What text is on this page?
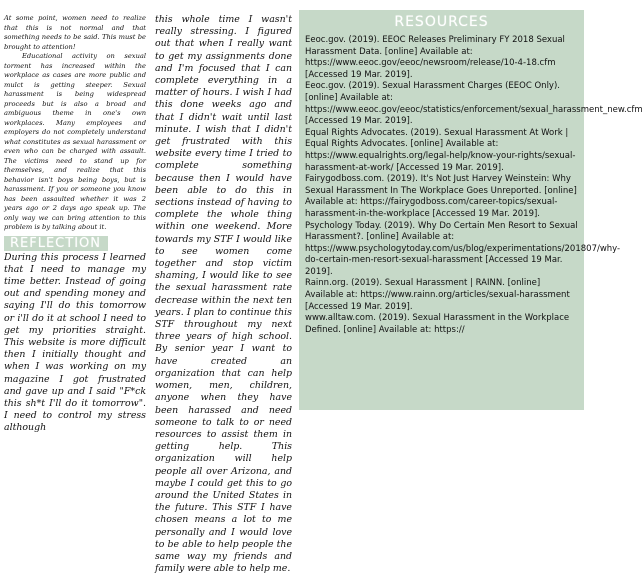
At some point, women need to realize that this is not normal and that something needs to be said. This must be brought to attention!

Educational activity on sexual torment has increased within the workplace as cases are more public and mulct is getting steeper. Sexual harassment is being widespread proceeds but is also a broad and ambiguous theme in one's own workplaces. Many employees and employers do not completely understand what constitutes as sexual harassment or even who can be charged with assault. The victims need to stand up for themselves, and realize that this behavior isn't boys being boys, but is harassment. If you or someone you know has been assaulted whether it was 2 years ago or 2 days ago speak up. The only way we can bring attention to this problem is by talking about it.

REFLECTION

During this process I learned that I need to manage my time better. Instead of going out and spending money and saying I'll do this tomorrow or i'll do it at school I need to get my priorities straight. This website is more difficult then I initially thought and when I was working on my magazine I got frustrated and gave up and I said "F*ck this sh*t I'll do it tomorrow". I need to control my stress although

this whole time I wasn't really stressing. I figured out that when I really want to get my assignments done and I'm focused that I can complete everything in a matter of hours. I wish I had this done weeks ago and that I didn't wait until last minute. I wish that I didn't get frustrated with this website every time I tried to complete something because then I would have been able to do this in sections instead of having to complete the whole thing within one weekend. More towards my STF I would like to see women come together and stop victim shaming, I would like to see the sexual harassment rate decrease within the next ten years. I plan to continue this STF throughout my next three years of high school. By senior year I want to have created an organization that can help women, men, children, anyone when they have been harassed and need someone to talk to or need resources to assist them in getting help. This organization will help people all over Arizona, and maybe I could get this to go around the United States in the future. This STF I have chosen means a lot to me personally and I would love to be able to help people the same way my friends and family were able to help me.

RESOURCES
Eeoc.gov. (2019). EEOC Releases Preliminary FY 2018 Sexual Harassment Data. [online] Available at: https://www.eeoc.gov/eeoc/newsroom/release/10-4-18.cfm [Accessed 19 Mar. 2019].
Eeoc.gov. (2019). Sexual Harassment Charges (EEOC Only). [online] Available at: https://www.eeoc.gov/eeoc/statistics/enforcement/sexual_harassment_new.cfm [Accessed 19 Mar. 2019].
Equal Rights Advocates. (2019). Sexual Harassment At Work | Equal Rights Advocates. [online] Available at: https://www.equalrights.org/legal-help/know-your-rights/sexual-harassment-at-work/ [Accessed 19 Mar. 2019].
Fairygodboss.com. (2019). It's Not Just Harvey Weinstein: Why Sexual Harassment In The Workplace Goes Unreported. [online] Available at: https://fairygodboss.com/career-topics/sexual-harassment-in-the-workplace [Accessed 19 Mar. 2019].
Psychology Today. (2019). Why Do Certain Men Resort to Sexual Harassment?. [online] Available at: https://www.psychologytoday.com/us/blog/experimentations/201807/why-do-certain-men-resort-sexual-harassment [Accessed 19 Mar. 2019].
Rainn.org. (2019). Sexual Harassment | RAINN. [online] Available at: https://www.rainn.org/articles/sexual-harassment [Accessed 19 Mar. 2019].
www.alltaw.com. (2019). Sexual Harassment in the Workplace Defined. [online] Available at: https://
